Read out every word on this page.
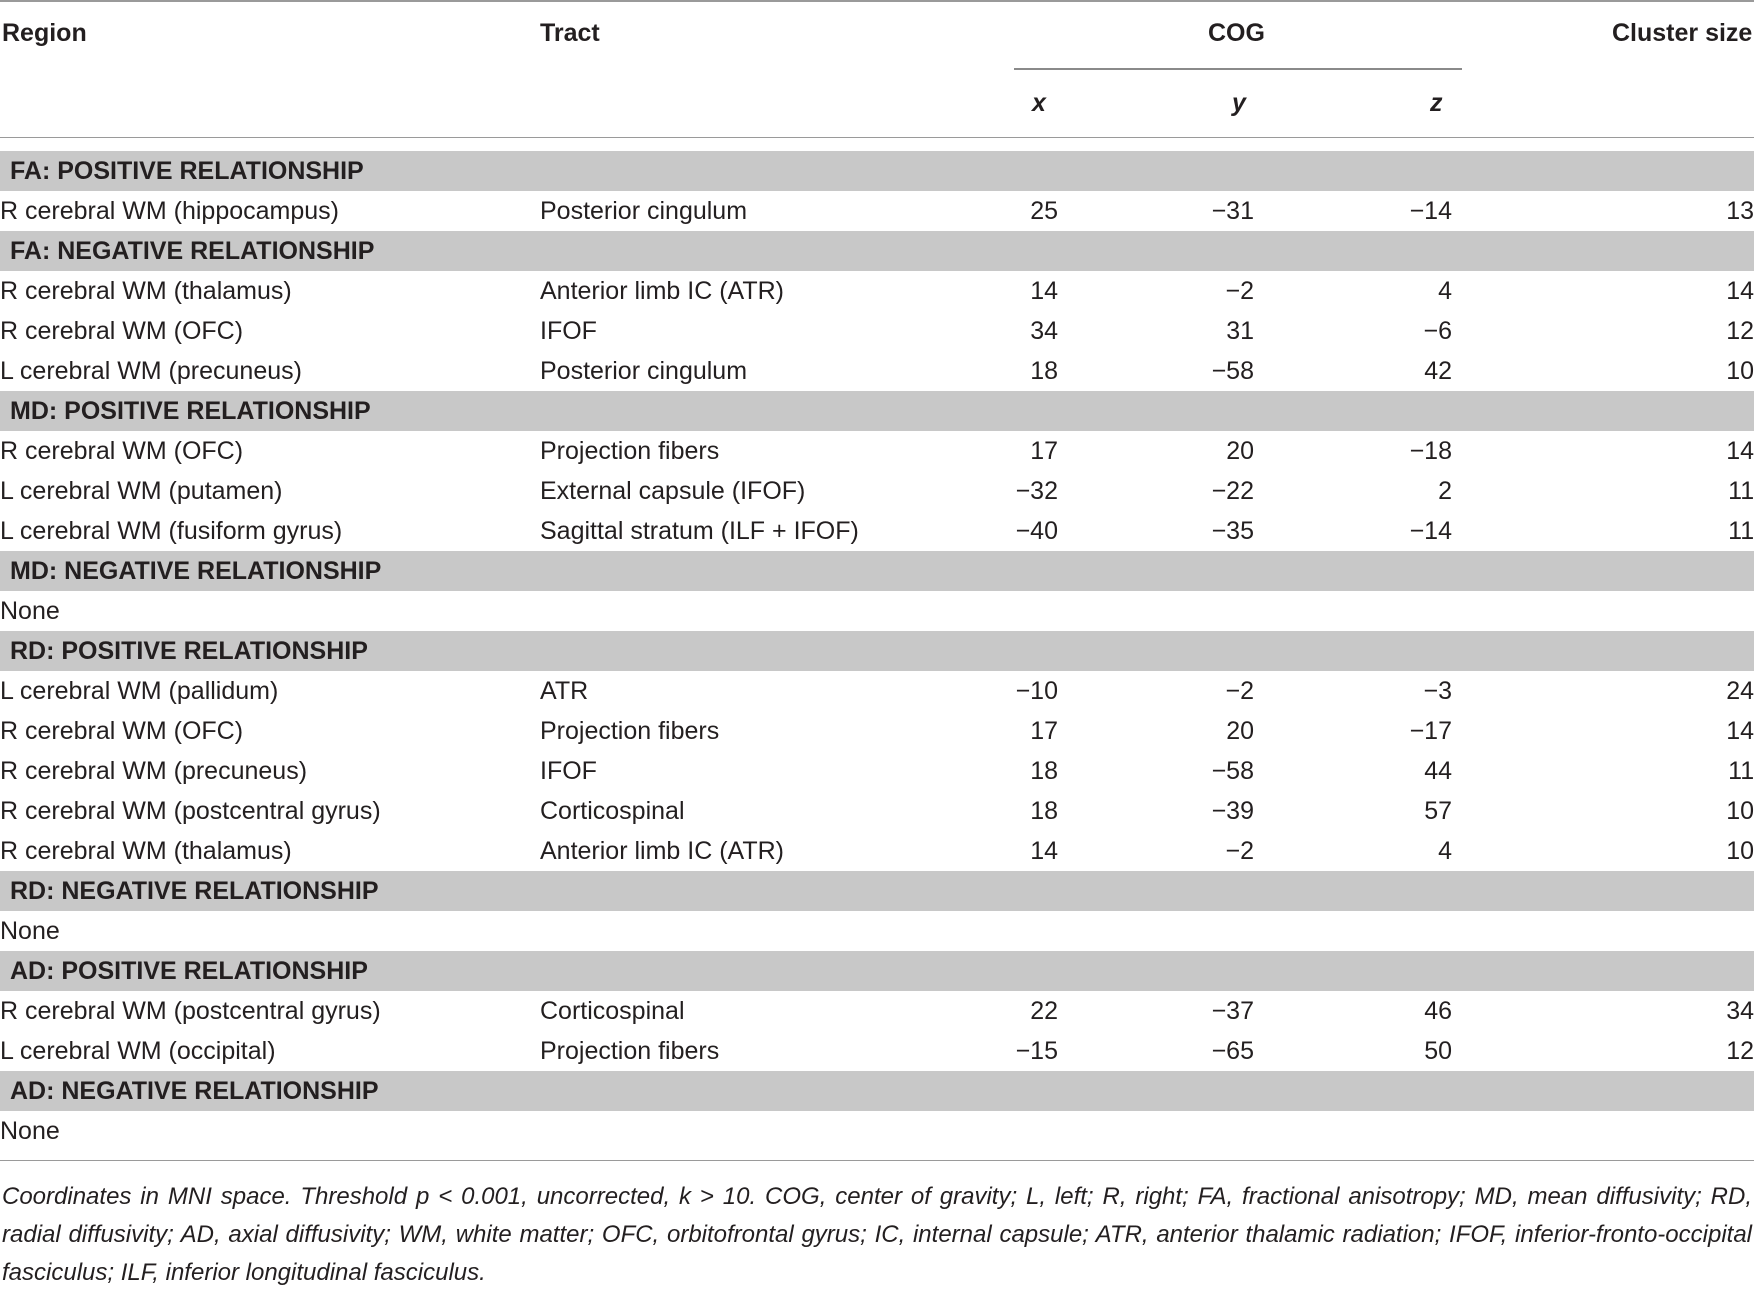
Region	Tract	COG	Cluster size
x	y	z
FA: POSITIVE RELATIONSHIP								
R cerebral WM (hippocampus)	Posterior cingulum	25		−31		−14		13
FA: NEGATIVE RELATIONSHIP								
R cerebral WM (thalamus)	Anterior limb IC (ATR)	14		−2		4		14
R cerebral WM (OFC)	IFOF	34		31		−6		12
L cerebral WM (precuneus)	Posterior cingulum	18		−58		42		10
MD: POSITIVE RELATIONSHIP								
R cerebral WM (OFC)	Projection fibers	17		20		−18		14
L cerebral WM (putamen)	External capsule (IFOF)	−32		−22		2		11
L cerebral WM (fusiform gyrus)	Sagittal stratum (ILF + IFOF)	−40		−35		−14		11
MD: NEGATIVE RELATIONSHIP								
None								
RD: POSITIVE RELATIONSHIP								
L cerebral WM (pallidum)	ATR	−10		−2		−3		24
R cerebral WM (OFC)	Projection fibers	17		20		−17		14
R cerebral WM (precuneus)	IFOF	18		−58		44		11
R cerebral WM (postcentral gyrus)	Corticospinal	18		−39		57		10
R cerebral WM (thalamus)	Anterior limb IC (ATR)	14		−2		4		10
RD: NEGATIVE RELATIONSHIP								
None								
AD: POSITIVE RELATIONSHIP								
R cerebral WM (postcentral gyrus)	Corticospinal	22		−37		46		34
L cerebral WM (occipital)	Projection fibers	−15		−65		50		12
AD: NEGATIVE RELATIONSHIP								
None								
Coordinates in MNI space. Threshold p < 0.001, uncorrected, k > 10. COG, center of gravity; L, left; R, right; FA, fractional anisotropy; MD, mean diffusivity; RD, radial diffusivity; AD, axial diffusivity; WM, white matter; OFC, orbitofrontal gyrus; IC, internal capsule; ATR, anterior thalamic radiation; IFOF, inferior-fronto-occipital fasciculus; ILF, inferior longitudinal fasciculus.
